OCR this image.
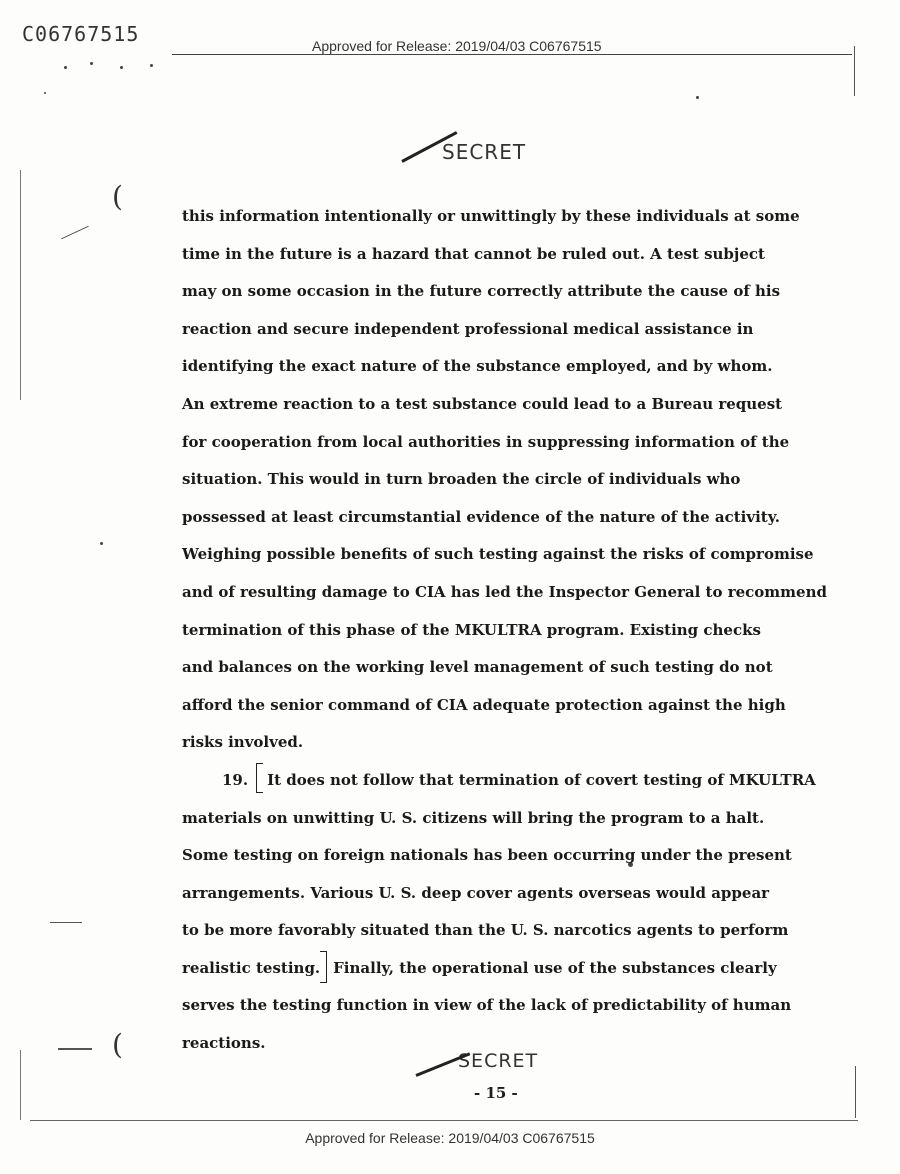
C06767515	Approved for Release: 2019/04/03 C06767515
(
(
SECRET
this information intentionally or unwittingly by these individuals at some
time in the future is a hazard that cannot be ruled out. A test subject
may on some occasion in the future correctly attribute the cause of his
reaction and secure independent professional medical assistance in
identifying the exact nature of the substance employed, and by whom.
An extreme reaction to a test substance could lead to a Bureau request
for cooperation from local authorities in suppressing information of the
situation. This would in turn broaden the circle of individuals who
possessed at least circumstantial evidence of the nature of the activity.
Weighing possible benefits of such testing against the risks of compromise
and of resulting damage to CIA has led the Inspector General to recommend
termination of this phase of the MKULTRA program. Existing checks
and balances on the working level management of such testing do not
afford the senior command of CIA adequate protection against the high
risks involved.
19. It does not follow that termination of covert testing of MKULTRA
materials on unwitting U. S. citizens will bring the program to a halt.
Some testing on foreign nationals has been occurring under the present
arrangements. Various U. S. deep cover agents overseas would appear
to be more favorably situated than the U. S. narcotics agents to perform
realistic testing. Finally, the operational use of the substances clearly
serves the testing function in view of the lack of predictability of human
reactions.
SECRET
- 15 -
Approved for Release: 2019/04/03 C06767515
